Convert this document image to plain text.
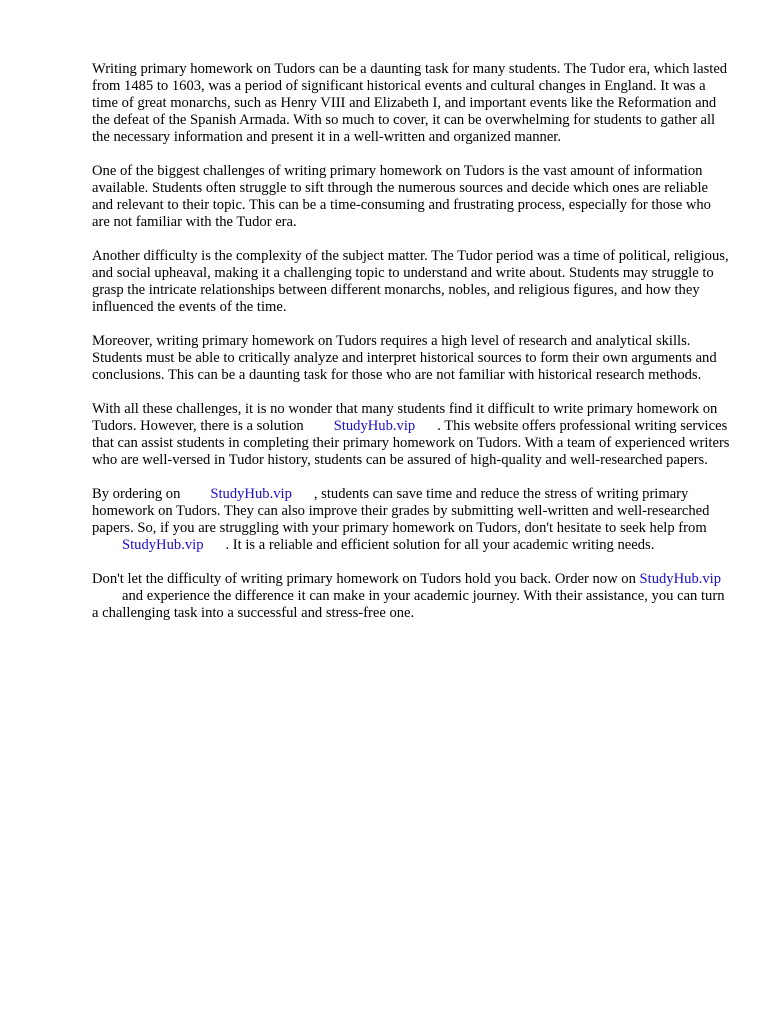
Writing primary homework on Tudors can be a daunting task for many students. The Tudor era, which lasted from 1485 to 1603, was a period of significant historical events and cultural changes in England. It was a time of great monarchs, such as Henry VIII and Elizabeth I, and important events like the Reformation and the defeat of the Spanish Armada. With so much to cover, it can be overwhelming for students to gather all the necessary information and present it in a well-written and organized manner.

One of the biggest challenges of writing primary homework on Tudors is the vast amount of information available. Students often struggle to sift through the numerous sources and decide which ones are reliable and relevant to their topic. This can be a time-consuming and frustrating process, especially for those who are not familiar with the Tudor era.

Another difficulty is the complexity of the subject matter. The Tudor period was a time of political, religious, and social upheaval, making it a challenging topic to understand and write about. Students may struggle to grasp the intricate relationships between different monarchs, nobles, and religious figures, and how they influenced the events of the time.

Moreover, writing primary homework on Tudors requires a high level of research and analytical skills. Students must be able to critically analyze and interpret historical sources to form their own arguments and conclusions. This can be a daunting task for those who are not familiar with historical research methods.

With all these challenges, it is no wonder that many students find it difficult to write primary homework on Tudors. However, there is a solution StudyHub.vip . This website offers professional writing services that can assist students in completing their primary homework on Tudors. With a team of experienced writers who are well-versed in Tudor history, students can be assured of high-quality and well-researched papers.

By ordering on StudyHub.vip , students can save time and reduce the stress of writing primary homework on Tudors. They can also improve their grades by submitting well-written and well-researched papers. So, if you are struggling with your primary homework on Tudors, don't hesitate to seek help fromStudyHub.vip . It is a reliable and efficient solution for all your academic writing needs.

Don't let the difficulty of writing primary homework on Tudors hold you back. Order now on StudyHub.vipand experience the difference it can make in your academic journey. With their assistance, you can turn a challenging task into a successful and stress-free one.
